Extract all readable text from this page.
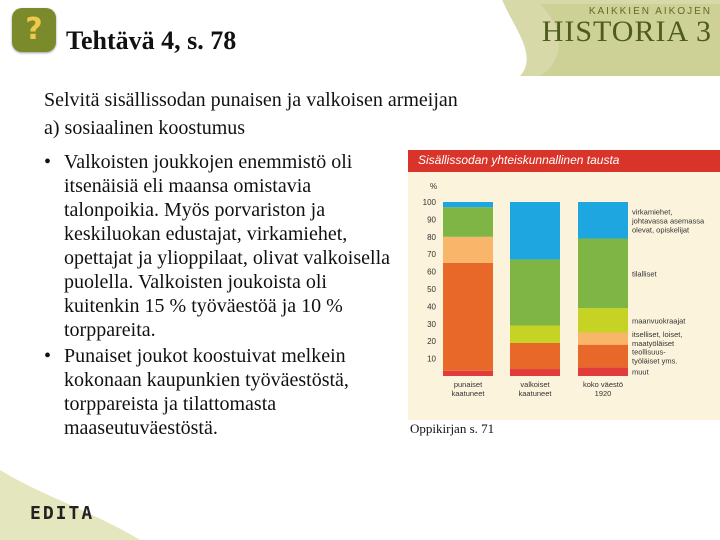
KAIKKIEN AIKOJEN
HISTORIA 3
? Tehtävä 4, s. 78
Selvitä sisällissodan punaisen ja valkoisen armeijan
a) sosiaalinen koostumus
• Valkoisten joukkojen enemmistö oli itsenäisiä eli maansa omistavia talonpoikia. Myös porvariston ja keskiluokan edustajat, virkamiehet, opettajat ja ylioppilaat, olivat valkoisella puolella. Valkoisten joukoista oli kuitenkin 15 % työväestöä ja 10 % torppareita.
• Punaiset joukot koostuivat melkein kokonaan kaupunkien työväestöstä, torppareista ja tilattomasta maaseutuväestöstä.
Sisällissodan yhteiskunnallinen tausta
%
10
20
30
40
50
60
70
80
90
100
punaiset
kaatuneet
valkoiset
kaatuneet
koko väestö
1920
muut
teollisuus-
työläiset yms.
itselliset, loiset,
maatyöläiset
maanvuokraajat
tilalliset
virkamiehet,
johtavassa asemassa
olevat, opiskelijat
Oppikirjan s. 71
EDITA
